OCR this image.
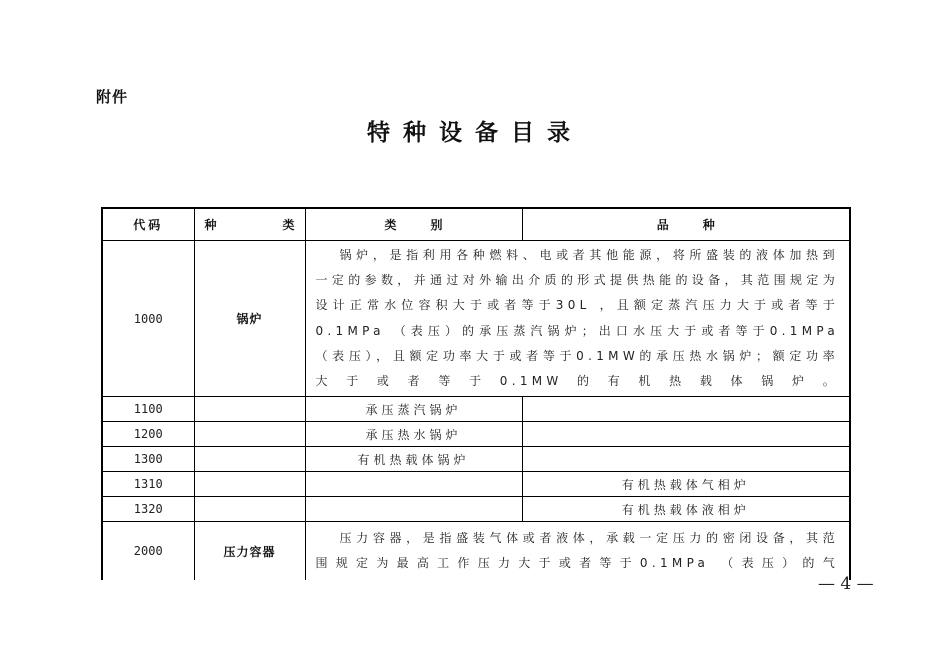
附件
特种设备目录
代码	种 类	类 别	品 种
1000	锅炉	锅炉，是指利用各种燃料、电或者其他能源，将所盛装的液体加热到一定的参数，并通过对外输出介质的形式提供热能的设备，其范围规定为设计正常水位容积大于或者等于30L ，且额定蒸汽压力大于或者等于0.1MPa （表压）的承压蒸汽锅炉；出口水压大于或者等于0.1MPa （表压），且额定功率大于或者等于0.1MW的承压热水锅炉；额定功率大于或者等于0.1MW的有机热载体锅炉。	

1100		承压蒸汽锅炉	
1200		承压热水锅炉	
1300		有机热载体锅炉	
1310			有机热载体气相炉
1320			有机热载体液相炉
2000	压力容器	压力容器，是指盛装气体或者液体，承载一定压力的密闭设备，其范围规定为最高工作压力大于或者等于0.1MPa （表压）的气	
— 4 —
